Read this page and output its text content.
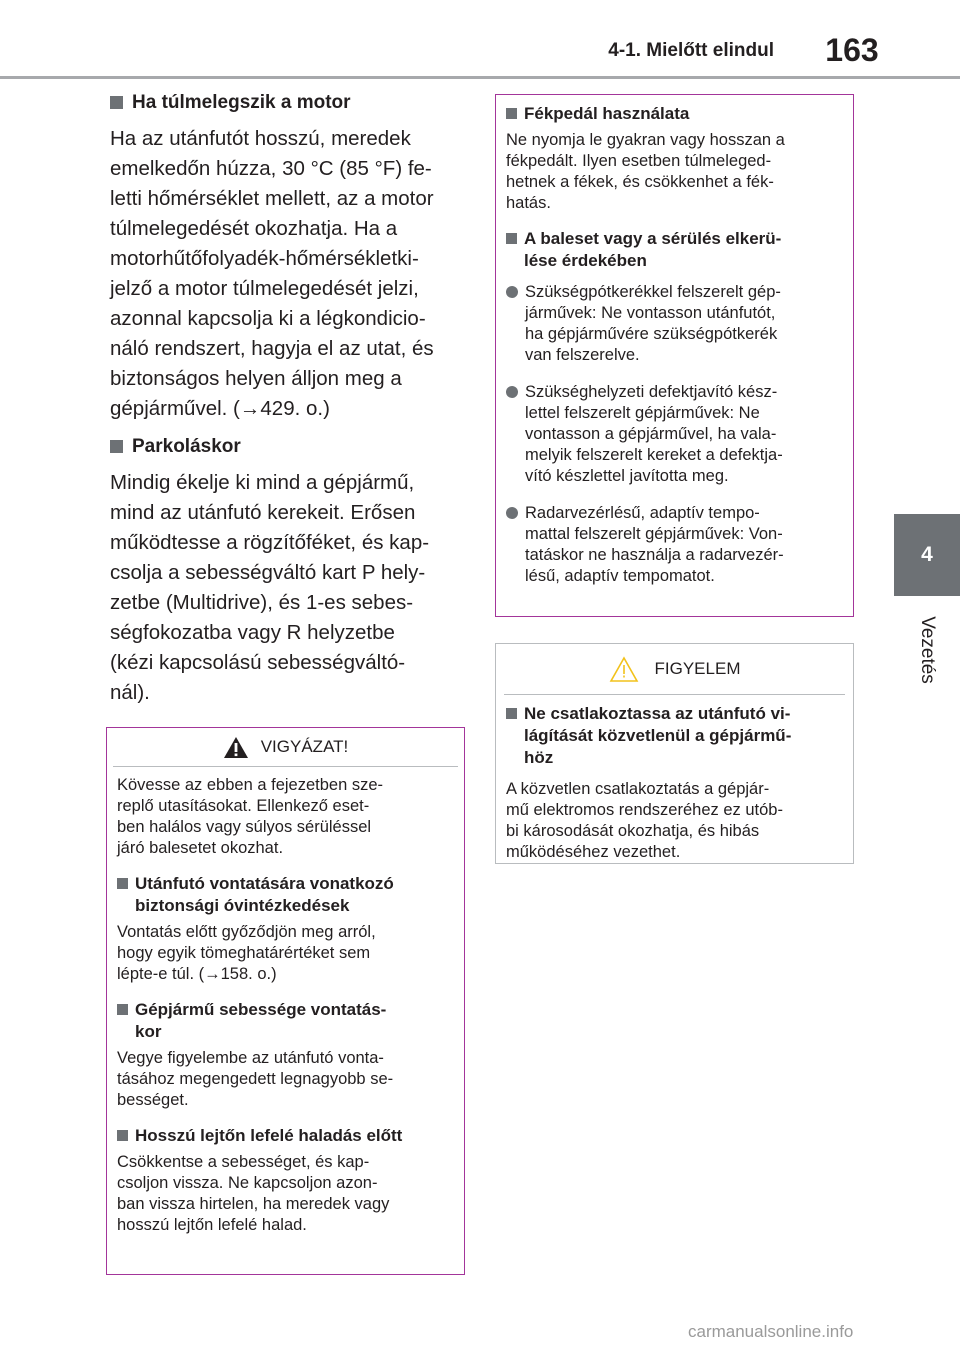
4-1. Mielőtt elindul	163
4
Vezetés
Ha túlmelegszik a motor
Ha az utánfutót hosszú, meredek
emelkedőn húzza, 30 °C (85 °F) fe-
letti hőmérséklet mellett, az a motor
túlmelegedését okozhatja. Ha a
motorhűtőfolyadék-hőmérsékletki-
jelző a motor túlmelegedését jelzi,
azonnal kapcsolja ki a légkondicio-
náló rendszert, hagyja el az utat, és
biztonságos helyen álljon meg a
gépjárművel. (→429. o.)
Parkoláskor
Mindig ékelje ki mind a gépjármű,
mind az utánfutó kerekeit. Erősen
működtesse a rögzítőféket, és kap-
csolja a sebességváltó kart P hely-
zetbe (Multidrive), és 1-es sebes-
ségfokozatba vagy R helyzetbe
(kézi kapcsolású sebességváltó-
nál).
VIGYÁZAT!
Kövesse az ebben a fejezetben sze-
replő utasításokat. Ellenkező eset-
ben halálos vagy súlyos sérüléssel
járó balesetet okozhat.
Utánfutó vontatására vonatkozó
biztonsági óvintézkedések
Vontatás előtt győződjön meg arról,
hogy egyik tömeghatárértéket sem
lépte-e túl. (→158. o.)
Gépjármű sebessége vontatás-
kor
Vegye figyelembe az utánfutó vonta-
tásához megengedett legnagyobb se-
bességet.
Hosszú lejtőn lefelé haladás előtt
Csökkentse a sebességet, és kap-
csoljon vissza. Ne kapcsoljon azon-
ban vissza hirtelen, ha meredek vagy
hosszú lejtőn lefelé halad.
Fékpedál használata
Ne nyomja le gyakran vagy hosszan a
fékpedált. Ilyen esetben túlmeleged-
hetnek a fékek, és csökkenhet a fék-
hatás.
A baleset vagy a sérülés elkerü-
lése érdekében
Szükségpótkerékkel felszerelt gép-
járművek: Ne vontasson utánfutót,
ha gépjárművére szükségpótkerék
van felszerelve.
Szükséghelyzeti defektjavító kész-
lettel felszerelt gépjárművek: Ne
vontasson a gépjárművel, ha vala-
melyik felszerelt kereket a defektja-
vító készlettel javította meg.
Radarvezérlésű, adaptív tempo-
mattal felszerelt gépjárművek: Von-
tatáskor ne használja a radarvezér-
lésű, adaptív tempomatot.
FIGYELEM
Ne csatlakoztassa az utánfutó vi-
lágítását közvetlenül a gépjármű-
höz
A közvetlen csatlakoztatás a gépjár-
mű elektromos rendszeréhez ez utób-
bi károsodását okozhatja, és hibás
működéséhez vezethet.
carmanualsonline.info
